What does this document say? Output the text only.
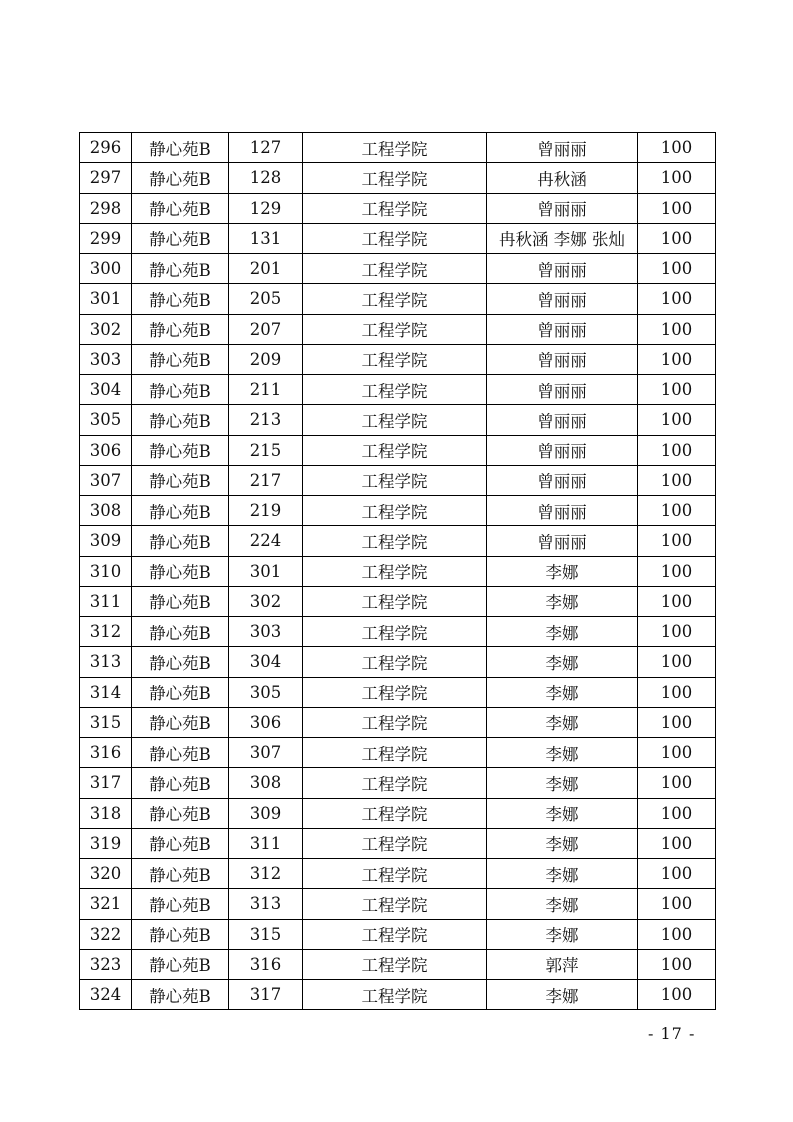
296	静心苑B	127	工程学院	曾丽丽	100
297	静心苑B	128	工程学院	冉秋涵	100
298	静心苑B	129	工程学院	曾丽丽	100
299	静心苑B	131	工程学院	冉秋涵 李娜 张灿	100
300	静心苑B	201	工程学院	曾丽丽	100
301	静心苑B	205	工程学院	曾丽丽	100
302	静心苑B	207	工程学院	曾丽丽	100
303	静心苑B	209	工程学院	曾丽丽	100
304	静心苑B	211	工程学院	曾丽丽	100
305	静心苑B	213	工程学院	曾丽丽	100
306	静心苑B	215	工程学院	曾丽丽	100
307	静心苑B	217	工程学院	曾丽丽	100
308	静心苑B	219	工程学院	曾丽丽	100
309	静心苑B	224	工程学院	曾丽丽	100
310	静心苑B	301	工程学院	李娜	100
311	静心苑B	302	工程学院	李娜	100
312	静心苑B	303	工程学院	李娜	100
313	静心苑B	304	工程学院	李娜	100
314	静心苑B	305	工程学院	李娜	100
315	静心苑B	306	工程学院	李娜	100
316	静心苑B	307	工程学院	李娜	100
317	静心苑B	308	工程学院	李娜	100
318	静心苑B	309	工程学院	李娜	100
319	静心苑B	311	工程学院	李娜	100
320	静心苑B	312	工程学院	李娜	100
321	静心苑B	313	工程学院	李娜	100
322	静心苑B	315	工程学院	李娜	100
323	静心苑B	316	工程学院	郭萍	100
324	静心苑B	317	工程学院	李娜	100
- 17 -
